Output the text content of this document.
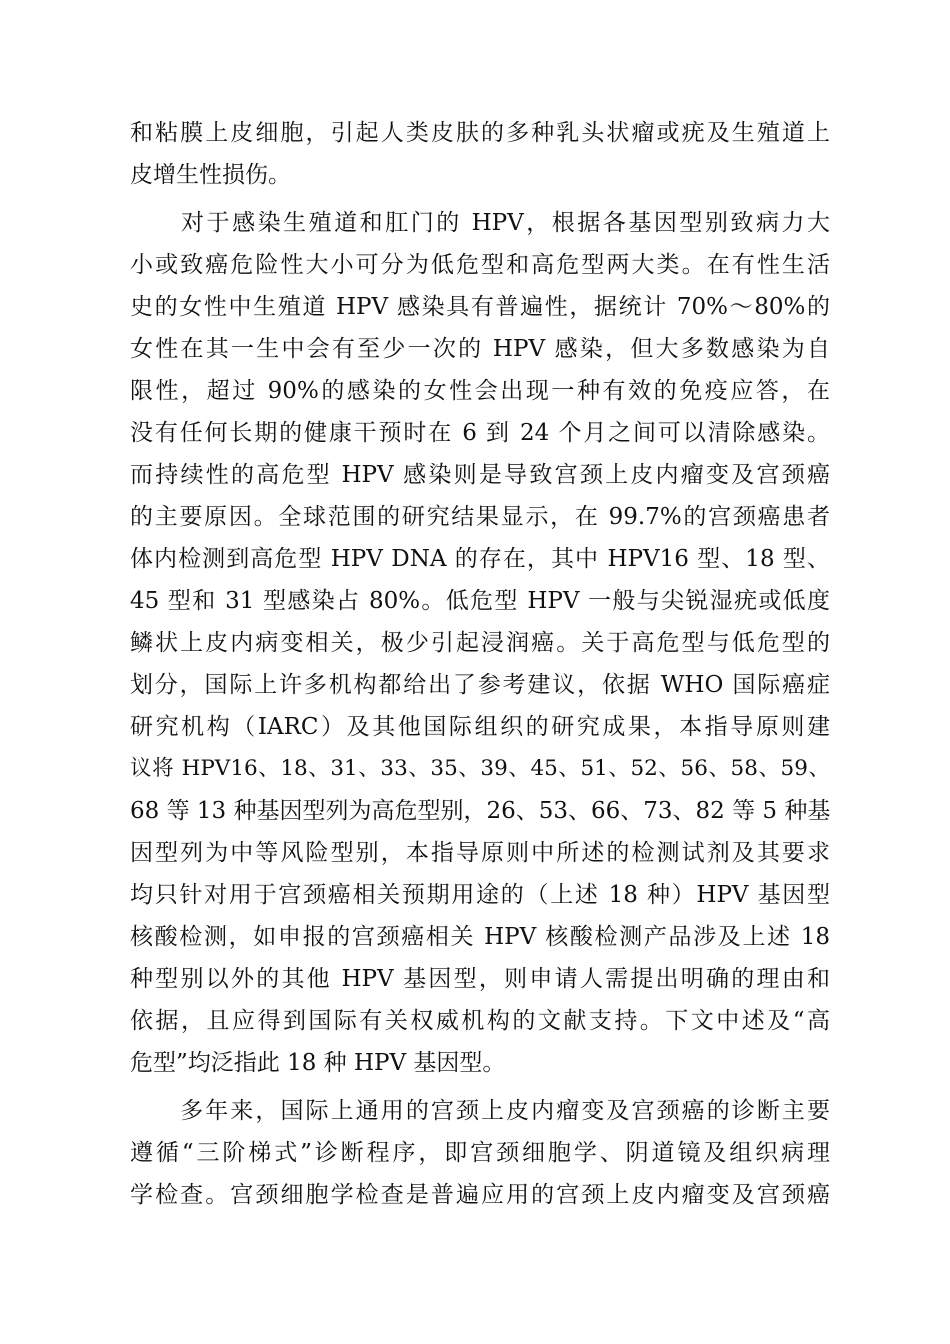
和粘膜上皮细胞，引起人类皮肤的多种乳头状瘤或疣及生殖道上
皮增生性损伤。
　　对于感染生殖道和肛门的 HPV，根据各基因型别致病力大
小或致癌危险性大小可分为低危型和高危型两大类。在有性生活
史的女性中生殖道 HPV 感染具有普遍性，据统计 70%～80%的
女性在其一生中会有至少一次的 HPV 感染，但大多数感染为自
限性，超过 90%的感染的女性会出现一种有效的免疫应答，在
没有任何长期的健康干预时在 6 到 24 个月之间可以清除感染。
而持续性的高危型 HPV 感染则是导致宫颈上皮内瘤变及宫颈癌
的主要原因。全球范围的研究结果显示，在 99.7%的宫颈癌患者
体内检测到高危型 HPV DNA 的存在，其中 HPV16 型、18 型、
45 型和 31 型感染占 80%。低危型 HPV 一般与尖锐湿疣或低度
鳞状上皮内病变相关，极少引起浸润癌。关于高危型与低危型的
划分，国际上许多机构都给出了参考建议，依据 WHO 国际癌症
研究机构（IARC）及其他国际组织的研究成果，本指导原则建
议将 HPV16、18、31、33、35、39、45、51、52、56、58、59、
68 等 13 种基因型列为高危型别，26、53、66、73、82 等 5 种基
因型列为中等风险型别，本指导原则中所述的检测试剂及其要求
均只针对用于宫颈癌相关预期用途的（上述 18 种）HPV 基因型
核酸检测，如申报的宫颈癌相关 HPV 核酸检测产品涉及上述 18
种型别以外的其他 HPV 基因型，则申请人需提出明确的理由和
依据，且应得到国际有关权威机构的文献支持。下文中述及“高
危型”均泛指此 18 种 HPV 基因型。
　　多年来，国际上通用的宫颈上皮内瘤变及宫颈癌的诊断主要
遵循“三阶梯式”诊断程序，即宫颈细胞学、阴道镜及组织病理
学检查。宫颈细胞学检查是普遍应用的宫颈上皮内瘤变及宫颈癌
